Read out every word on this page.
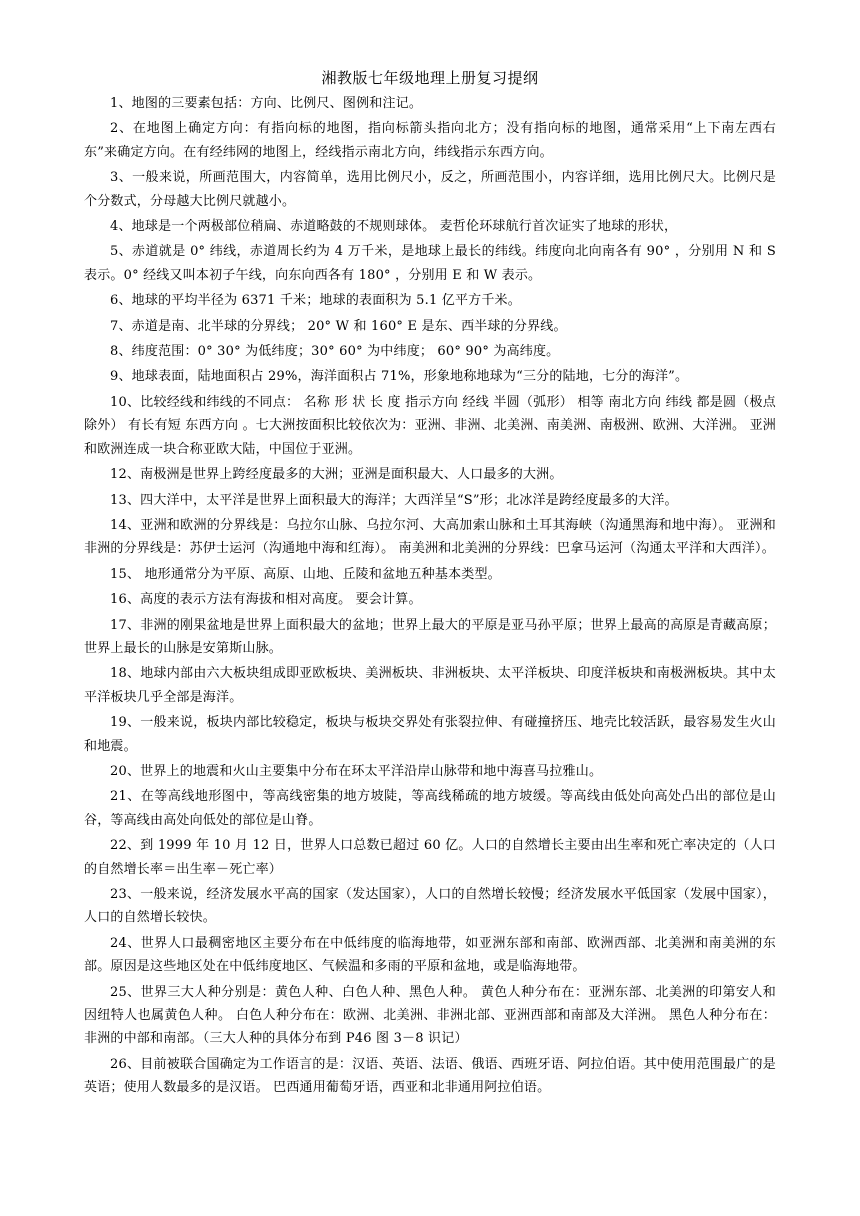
湘教版七年级地理上册复习提纲

1、地图的三要素包括：方向、比例尺、图例和注记。

2、在地图上确定方向：有指向标的地图，指向标箭头指向北方；没有指向标的地图，通常采用“上下南左西右东”来确定方向。在有经纬网的地图上，经线指示南北方向，纬线指示东西方向。

3、一般来说，所画范围大，内容简单，选用比例尺小，反之，所画范围小，内容详细，选用比例尺大。比例尺是个分数式，分母越大比例尺就越小。

4、地球是一个两极部位稍扁、赤道略鼓的不规则球体。 麦哲伦环球航行首次证实了地球的形状，

5、赤道就是 0° 纬线，赤道周长约为 4 万千米，是地球上最长的纬线。纬度向北向南各有 90° ，分别用 N 和 S 表示。0° 经线又叫本初子午线，向东向西各有 180° ，分别用 E 和 W 表示。

6、地球的平均半径为 6371 千米；地球的表面积为 5.1 亿平方千米。

7、赤道是南、北半球的分界线； 20° W 和 160° E 是东、西半球的分界线。

8、纬度范围：0° 30° 为低纬度；30° 60° 为中纬度； 60° 90° 为高纬度。

9、地球表面，陆地面积占 29%，海洋面积占 71%，形象地称地球为“三分的陆地，七分的海洋”。

10、比较经线和纬线的不同点： 名称 形 状 长 度 指示方向 经线 半圆（弧形） 相等 南北方向 纬线 都是圆（极点除外） 有长有短 东西方向 。七大洲按面积比较依次为：亚洲、非洲、北美洲、南美洲、南极洲、欧洲、大洋洲。 亚洲和欧洲连成一块合称亚欧大陆，中国位于亚洲。

12、南极洲是世界上跨经度最多的大洲；亚洲是面积最大、人口最多的大洲。

13、四大洋中，太平洋是世界上面积最大的海洋；大西洋呈“S”形；北冰洋是跨经度最多的大洋。

14、亚洲和欧洲的分界线是：乌拉尔山脉、乌拉尔河、大高加索山脉和土耳其海峡（沟通黑海和地中海）。 亚洲和非洲的分界线是：苏伊士运河（沟通地中海和红海）。 南美洲和北美洲的分界线：巴拿马运河（沟通太平洋和大西洋）。

15、 地形通常分为平原、高原、山地、丘陵和盆地五种基本类型。

16、高度的表示方法有海拔和相对高度。 要会计算。

17、非洲的刚果盆地是世界上面积最大的盆地；世界上最大的平原是亚马孙平原；世界上最高的高原是青藏高原；世界上最长的山脉是安第斯山脉。

18、地球内部由六大板块组成即亚欧板块、美洲板块、非洲板块、太平洋板块、印度洋板块和南极洲板块。其中太平洋板块几乎全部是海洋。

19、一般来说，板块内部比较稳定，板块与板块交界处有张裂拉伸、有碰撞挤压、地壳比较活跃，最容易发生火山和地震。

20、世界上的地震和火山主要集中分布在环太平洋沿岸山脉带和地中海喜马拉雅山。

21、在等高线地形图中，等高线密集的地方坡陡，等高线稀疏的地方坡缓。等高线由低处向高处凸出的部位是山谷，等高线由高处向低处的部位是山脊。

22、到 1999 年 10 月 12 日，世界人口总数已超过 60 亿。人口的自然增长主要由出生率和死亡率决定的（人口的自然增长率＝出生率－死亡率）

23、一般来说，经济发展水平高的国家（发达国家），人口的自然增长较慢；经济发展水平低国家（发展中国家），人口的自然增长较快。

24、世界人口最稠密地区主要分布在中低纬度的临海地带，如亚洲东部和南部、欧洲西部、北美洲和南美洲的东部。原因是这些地区处在中低纬度地区、气候温和多雨的平原和盆地，或是临海地带。

25、世界三大人种分别是：黄色人种、白色人种、黑色人种。 黄色人种分布在：亚洲东部、北美洲的印第安人和因纽特人也属黄色人种。 白色人种分布在：欧洲、北美洲、非洲北部、亚洲西部和南部及大洋洲。 黑色人种分布在：非洲的中部和南部。（三大人种的具体分布到 P46 图 3－8 识记）

26、目前被联合国确定为工作语言的是：汉语、英语、法语、俄语、西班牙语、阿拉伯语。其中使用范围最广的是英语；使用人数最多的是汉语。 巴西通用葡萄牙语，西亚和北非通用阿拉伯语。
